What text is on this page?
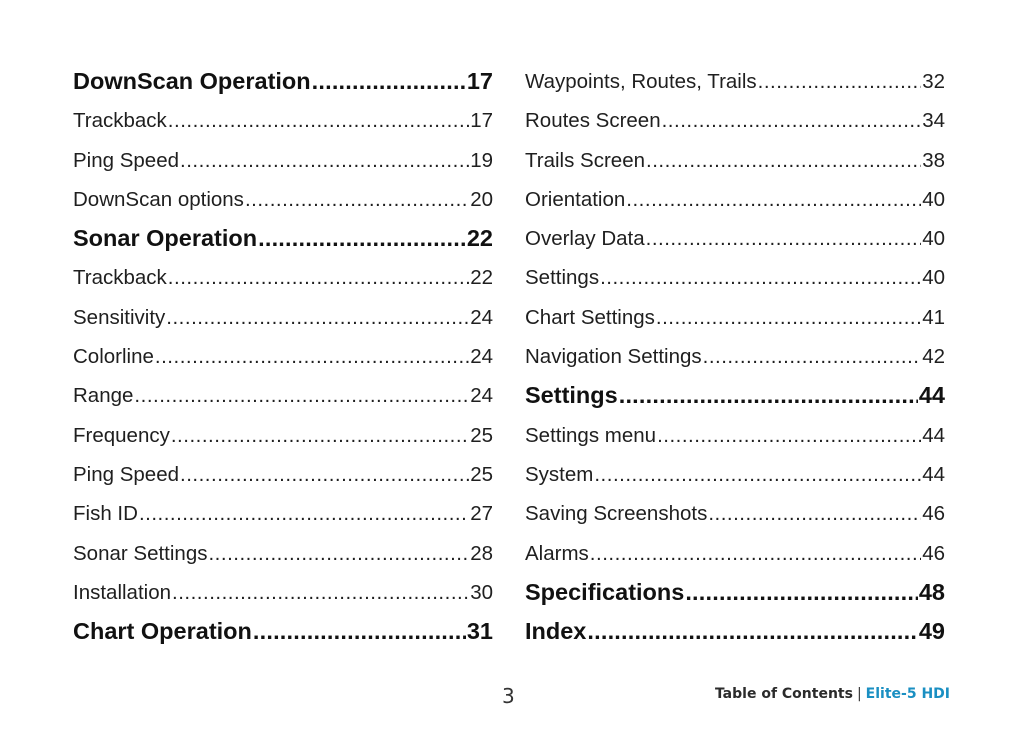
DownScan Operation .....	17
Trackback .....	17
Ping Speed .....	19
DownScan options .....	20
Sonar Operation .....	22
Trackback .....	22
Sensitivity .....	24
Colorline .....	24
Range .....	24
Frequency .....	25
Ping Speed .....	25
Fish ID .....	27
Sonar Settings .....	28
Installation .....	30
Chart Operation .....	31
Waypoints, Routes, Trails .....	32
Routes Screen .....	34
Trails Screen .....	38
Orientation .....	40
Overlay Data .....	40
Settings .....	40
Chart Settings .....	41
Navigation Settings .....	42
Settings .....	44
Settings menu .....	44
System .....	44
Saving Screenshots .....	46
Alarms .....	46
Specifications .....	48
Index .....	49
3	Table of Contents | Elite-5 HDI
